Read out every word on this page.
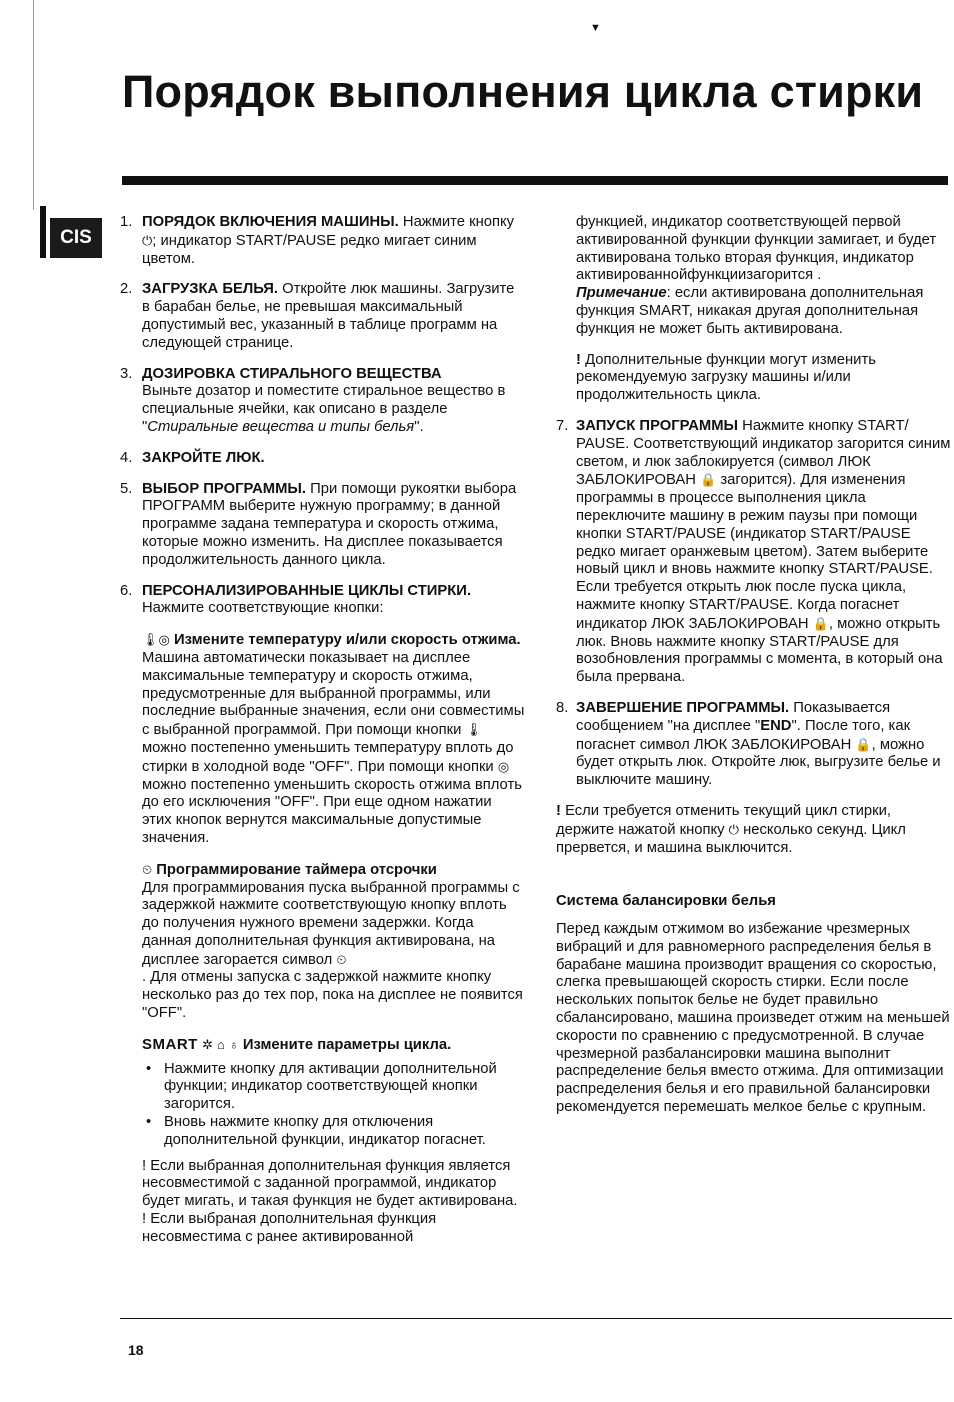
▼
Порядок выполнения цикла стирки
CIS
1. ПОРЯДОК ВКЛЮЧЕНИЯ МАШИНЫ. Нажмите кнопку ⏻; индикатор START/PAUSE редко мигает синим цветом.
2. ЗАГРУЗКА БЕЛЬЯ. Откройте люк машины. Загрузите в барабан белье, не превышая максимальный допустимый вес, указанный в таблице программ на следующей странице.
3. ДОЗИРОВКА СТИРАЛЬНОГО ВЕЩЕСТВА
Выньте дозатор и поместите стиральное вещество в специальные ячейки, как описано в разделе "Стиральные вещества и типы белья".
4. ЗАКРОЙТЕ ЛЮК.
5. ВЫБОР ПРОГРАММЫ. При помощи рукоятки выбора ПРОГРАММ выберите нужную программу; в данной программе задана температура и скорость отжима, которые можно изменить. На дисплее показывается продолжительность данного цикла.
6. ПЕРСОНАЛИЗИРОВАННЫЕ ЦИКЛЫ СТИРКИ.
Нажмите соответствующие кнопки:
🌡◎ Измените температуру и/или скорость отжима. Машина автоматически показывает на дисплее максимальные температуру и скорость отжима, предусмотренные для выбранной программы, или последние выбранные значения, если они совместимы с выбранной программой. При помощи кнопки 🌡 можно постепенно уменьшить температуру вплоть до стирки в холодной воде "OFF". При помощи кнопки ◎ можно постепенно уменьшить скорость отжима вплоть до его исключения "OFF". При еще одном нажатии этих кнопок вернутся максимальные допустимые значения.
⏲ Программирование таймера отсрочки
Для программирования пуска выбранной программы с задержкой нажмите соответствующую кнопку вплоть до получения нужного времени задержки. Когда данная дополнительная функция активирована, на дисплее загорается символ ⏲
. Для отмены запуска с задержкой нажмите кнопку несколько раз до тех пор, пока на дисплее не появится "OFF".
SMART ✲ ⌂ ♁ Измените параметры цикла.
• Нажмите кнопку для активации дополнительной функции; индикатор соответствующей кнопки загорится.
• Вновь нажмите кнопку для отключения дополнительной функции, индикатор погаснет.
! Если выбранная дополнительная функция является несовместимой с заданной программой, индикатор будет мигать, и такая функция не будет активирована.
! Если выбраная дополнительная функция несовместима с ранее активированной
функцией, индикатор соответствующей первой активированной функции функции замигает, и будет активирована только вторая функция, индикатор активированнойфункциизагорится .
Примечание: если активирована дополнительная функция SMART, никакая другая дополнительная функция не может быть активирована.
! Дополнительные функции могут изменить рекомендуемую загрузку машины и/или продолжительность цикла.
7. ЗАПУСК ПРОГРАММЫ Нажмите кнопку START/ PAUSE. Соответствующий индикатор загорится синим светом, и люк заблокируется (символ ЛЮК ЗАБЛОКИРОВАН 🔒 загорится). Для изменения программы в процессе выполнения цикла переключите машину в режим паузы при помощи кнопки START/PAUSE (индикатор START/PAUSE редко мигает оранжевым цветом). Затем выберите новый цикл и вновь нажмите кнопку START/PAUSE. Если требуется открыть люк после пуска цикла, нажмите кнопку START/PAUSE. Когда погаснет индикатор ЛЮК ЗАБЛОКИРОВАН 🔒, можно открыть люк. Вновь нажмите кнопку START/PAUSE для возобновления программы с момента, в который она была прервана.
8. ЗАВЕРШЕНИЕ ПРОГРАММЫ. Показывается сообщением "на дисплее "END". После того, как погаснет символ ЛЮК ЗАБЛОКИРОВАН 🔒, можно будет открыть люк. Откройте люк, выгрузите белье и выключите машину.
! Если требуется отменить текущий цикл стирки, держите нажатой кнопку ⏻ несколько секунд. Цикл прервется, и машина выключится.
Система балансировки белья
Перед каждым отжимом во избежание чрезмерных вибраций и для равномерного распределения белья в барабане машина производит вращения со скоростью, слегка превышающей скорость стирки. Если после нескольких попыток белье не будет правильно сбалансировано, машина произведет отжим на меньшей скорости по сравнению с предусмотренной. В случае чрезмерной разбалансировки машина выполнит распределение белья вместо отжима. Для оптимизации распределения белья и его правильной балансировки рекомендуется перемешать мелкое белье с крупным.
18
